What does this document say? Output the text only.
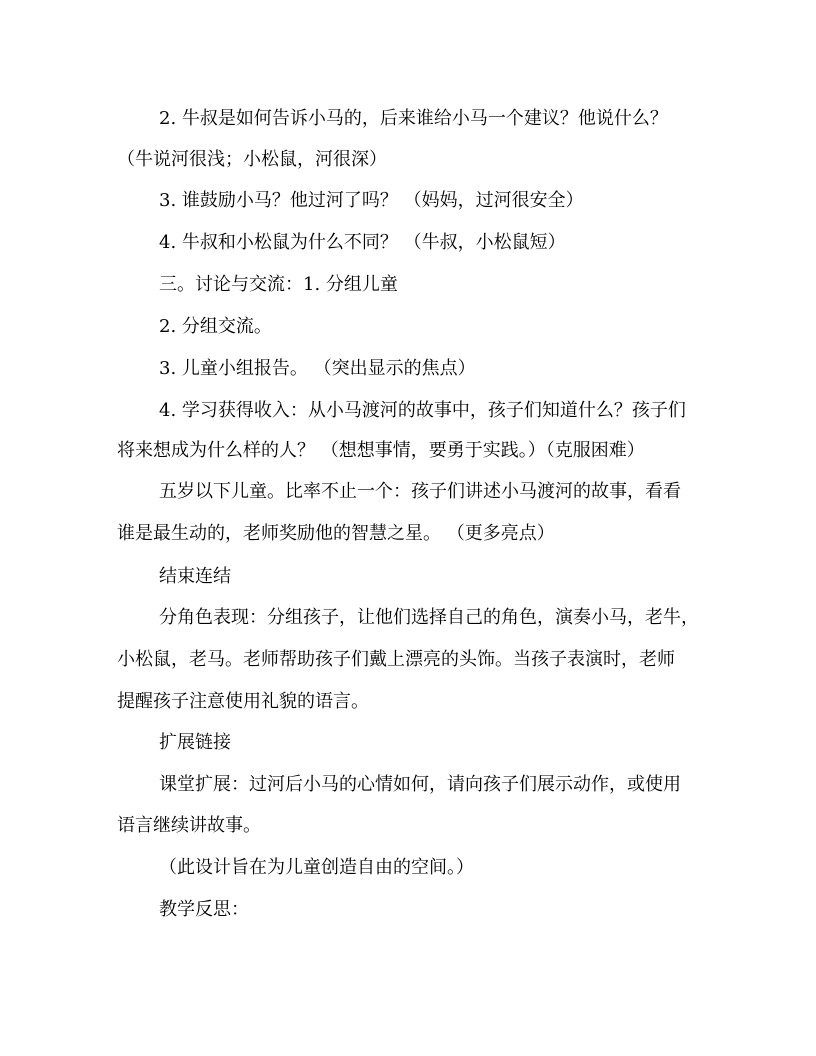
2. 牛叔是如何告诉小马的，后来谁给小马一个建议？他说什么？
（牛说河很浅；小松鼠，河很深）
3. 谁鼓励小马？他过河了吗？ （妈妈，过河很安全）
4. 牛叔和小松鼠为什么不同？ （牛叔，小松鼠短）
三。讨论与交流：1. 分组儿童
2. 分组交流。
3. 儿童小组报告。 （突出显示的焦点）
4. 学习获得收入：从小马渡河的故事中，孩子们知道什么？孩子们
将来想成为什么样的人？ （想想事情，要勇于实践。）（克服困难）
五岁以下儿童。比率不止一个：孩子们讲述小马渡河的故事，看看
谁是最生动的，老师奖励他的智慧之星。 （更多亮点）
结束连结
分角色表现：分组孩子，让他们选择自己的角色，演奏小马，老牛，
小松鼠，老马。老师帮助孩子们戴上漂亮的头饰。当孩子表演时，老师
提醒孩子注意使用礼貌的语言。
扩展链接
课堂扩展：过河后小马的心情如何，请向孩子们展示动作，或使用
语言继续讲故事。
（此设计旨在为儿童创造自由的空间。）
教学反思：
